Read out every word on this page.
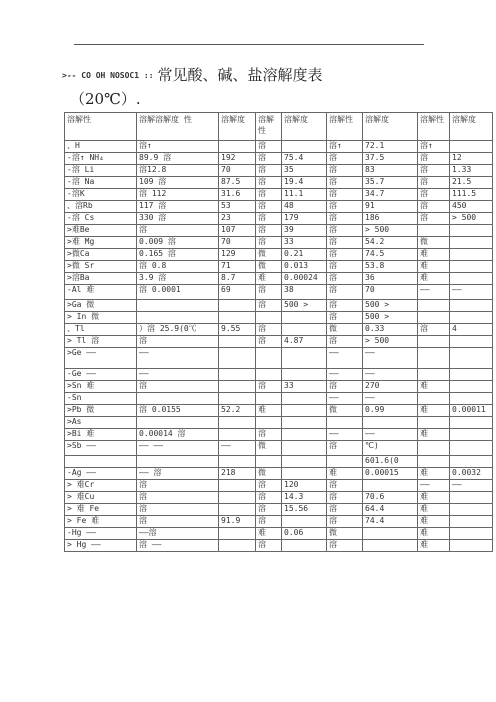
>-- CO OH NOSOC1 :: 常见酸、碱、盐溶解度表
（20℃）.
溶解性	溶解溶解度 性	溶解度	溶解性	溶解度	溶解性	溶解度	溶解性	溶解度
、H	溶↑		溶		溶↑	72.1	溶↑	
-溶↑ NH₄	89.9 溶	192	溶	75.4	溶	37.5	溶	12
-溶 Li	溶12.8	70	溶	35	溶	83	溶	1.33
-溶 Na	109 溶	87.5	溶	19.4	溶	35.7	溶	21.5
-溶K	溶 112	31.6	溶	11.1	溶	34.7	溶	111.5
、溶Rb	117 溶	53	溶	48	溶	91	溶	450
-溶 Cs	330 溶	23	溶	179	溶	186	溶	> 500
>难Be	溶	107	溶	39	溶	> 500		
>难 Mg	0.009 溶	70	溶	33	溶	54.2	微	
>微Ca	0.165 溶	129	微	0.21	溶	74.5	难	
>微 Sr	溶 0.8	71	微	0.013	溶	53.8	难	
>溶Ba	3.9 溶	8.7	难	0.00024	溶	36	难	
-Al 难	溶 0.0001	69	溶	38	溶	70	——	——
>Ga 微			溶	500 >	溶	500 >		
> In 微					溶	500 >		
、Tl	）溶 25.9(0℃	9.55	溶		微	0.33	溶	4
> Tl 溶	溶		溶	4.87	溶	> 500		
>Ge ——	——				——	——		
-Ge ——	——				——	——		
>Sn 难	溶		溶	33	溶	270	难	
-Sn					——	——		
>Pb 微	溶 0.0155	52.2	难		微	0.99	难	0.00011
>As								
>Bi 难	0.00014 溶		溶		——	——	难	
>Sb ——	—— ——	——	微		溶	℃)		
						601.6(0		
-Ag ——	—— 溶	218	微		难	0.00015	难	0.0032
> 难Cr	溶		溶	120	溶		——	——
> 难Cu	溶		溶	14.3	溶	70.6	难	
> 难 Fe	溶		溶	15.56	溶	64.4	难	
> Fe 难	溶	91.9	溶		溶	74.4	难	
-Hg ——	——溶		难	0.06	微		难	
> Hg ——	溶 ——		溶		溶		难	
